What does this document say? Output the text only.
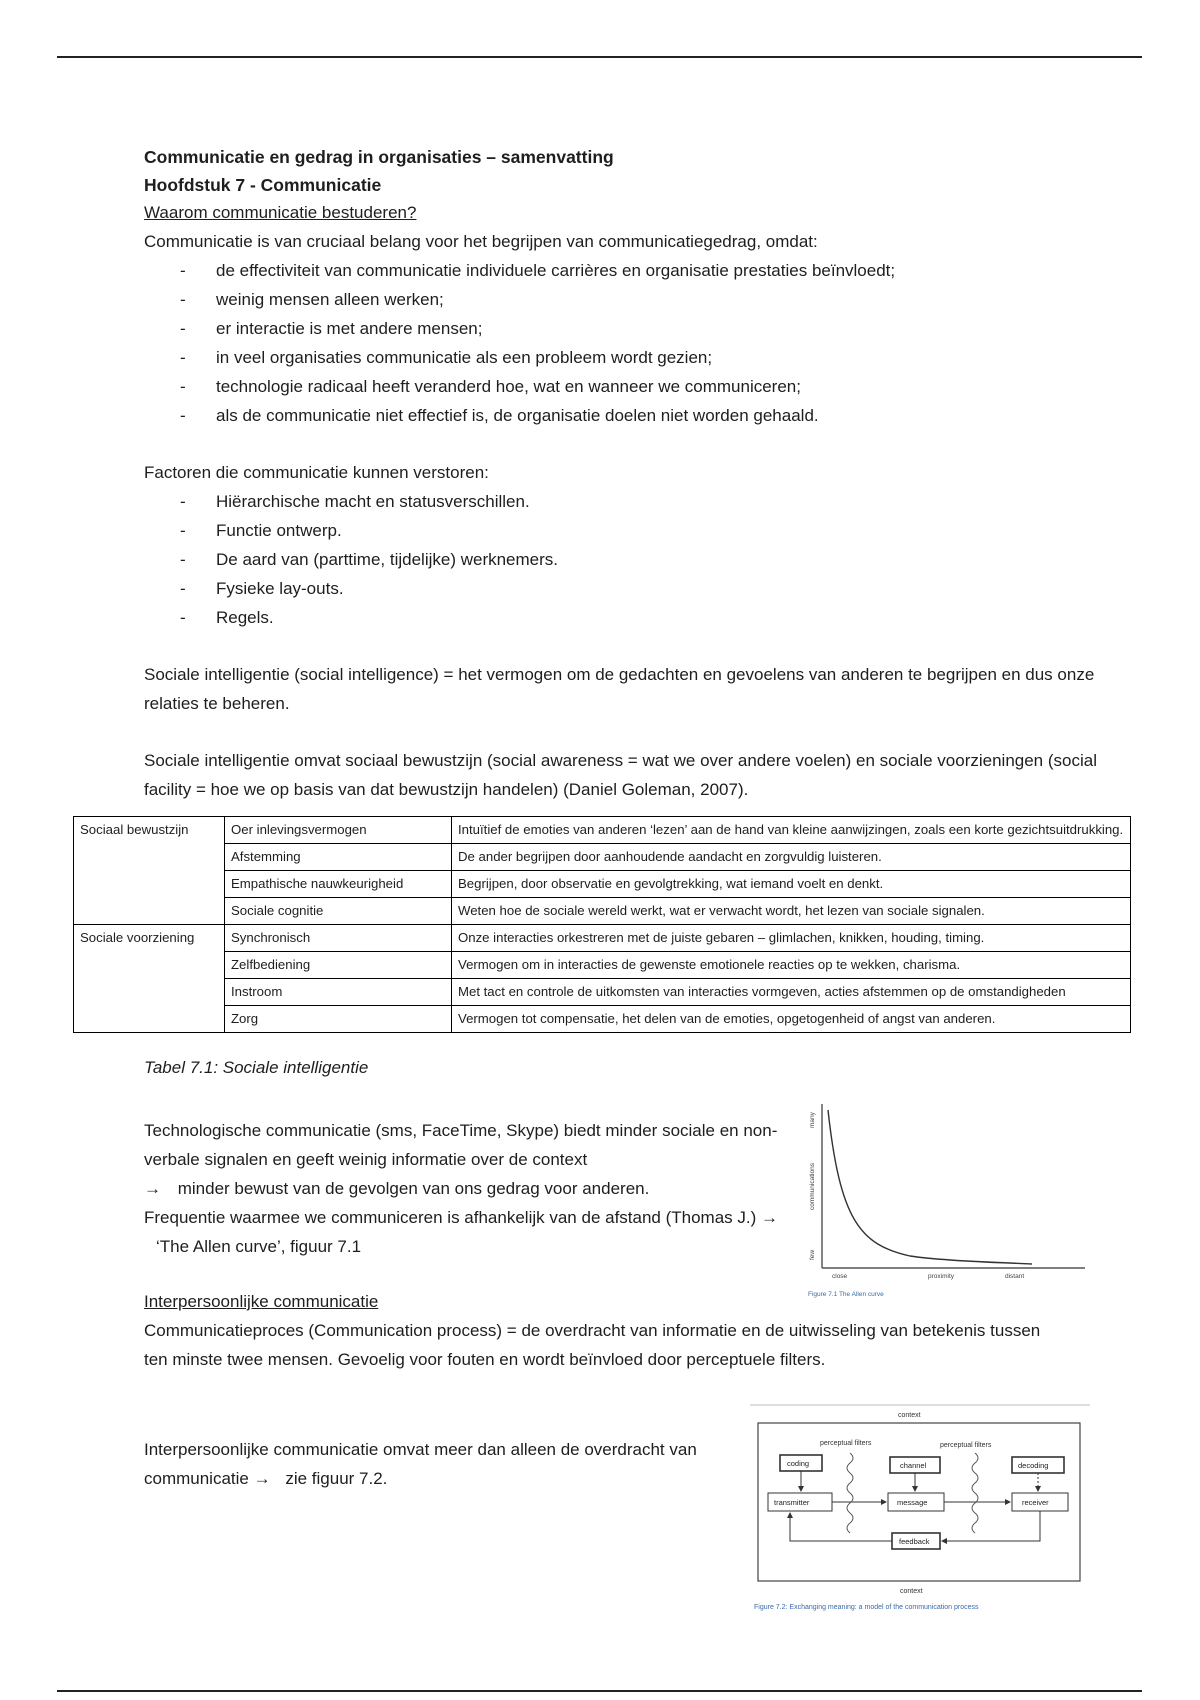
Communicatie en gedrag in organisaties – samenvatting

Hoofdstuk 7 - Communicatie

Waarom communicatie bestuderen?

Communicatie is van cruciaal belang voor het begrijpen van communicatiegedrag, omdat:

- de effectiviteit van communicatie individuele carrières en organisatie prestaties beïnvloedt;
- weinig mensen alleen werken;
- er interactie is met andere mensen;
- in veel organisaties communicatie als een probleem wordt gezien;
- technologie radicaal heeft veranderd hoe, wat en wanneer we communiceren;
- als de communicatie niet effectief is, de organisatie doelen niet worden gehaald.

Factoren die communicatie kunnen verstoren:

- Hiërarchische macht en statusverschillen.
- Functie ontwerp.
- De aard van (parttime, tijdelijke) werknemers.
- Fysieke lay-outs.
- Regels.

Sociale intelligentie (social intelligence) = het vermogen om de gedachten en gevoelens van anderen te begrijpen en dus onze relaties te beheren.

Sociale intelligentie omvat sociaal bewustzijn (social awareness = wat we over andere voelen) en sociale voorzieningen (social facility = hoe we op basis van dat bewustzijn handelen) (Daniel Goleman, 2007).

Sociaal bewustzijn	Oer inlevingsvermogen	Intuïtief de emoties van anderen ‘lezen’ aan de hand van kleine aanwijzingen, zoals een korte gezichtsuitdrukking.
	Afstemming	De ander begrijpen door aanhoudende aandacht en zorgvuldig luisteren.
	Empathische nauwkeurigheid	Begrijpen, door observatie en gevolgtrekking, wat iemand voelt en denkt.
	Sociale cognitie	Weten hoe de sociale wereld werkt, wat er verwacht wordt, het lezen van sociale signalen.
Sociale voorziening	Synchronisch	Onze interacties orkestreren met de juiste gebaren – glimlachen, knikken, houding, timing.
	Zelfbediening	Vermogen om in interacties de gewenste emotionele reacties op te wekken, charisma.
	Instroom	Met tact en controle de uitkomsten van interacties vormgeven, acties afstemmen op de omstandigheden
	Zorg	Vermogen tot compensatie, het delen van de emoties, opgetogenheid of angst van anderen.
Tabel 7.1: Sociale intelligentie

Technologische communicatie (sms, FaceTime, Skype) biedt minder sociale en non-verbale signalen en geeft weinig informatie over de context
→ minder bewust van de gevolgen van ons gedrag voor anderen.
Frequentie waarmee we communiceren is afhankelijk van de afstand (Thomas J.) → ‘The Allen curve’, figuur 7.1

many
communications
few
close	proximity	distant
Figure 7.1 The Allen curve

Interpersoonlijke communicatie

Communicatieproces (Communication process) = de overdracht van informatie en de uitwisseling van betekenis tussen ten minste twee mensen. Gevoelig voor fouten en wordt beïnvloed door perceptuele filters.

Interpersoonlijke communicatie omvat meer dan alleen de overdracht van communicatie → zie figuur 7.2.

context
context
perceptual filters	perceptual filters
coding	channel	decoding
transmitter	message	receiver
feedback
Figure 7.2: Exchanging meaning: a model of the communication process
